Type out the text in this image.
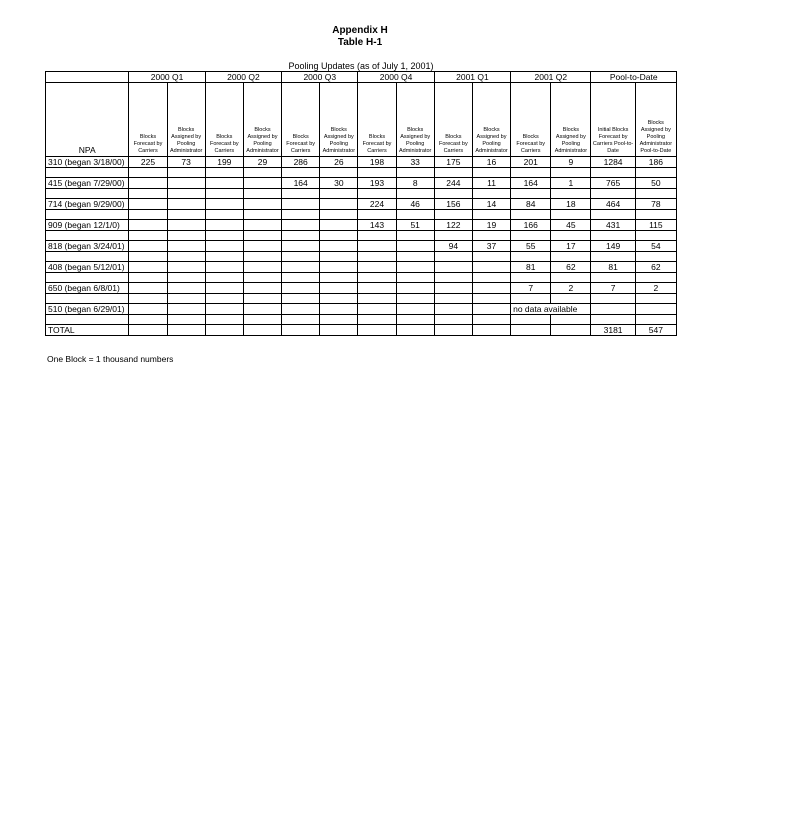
Appendix H
Table H-1
Pooling Updates (as of July 1, 2001)
	2000 Q1		2000 Q2		2000 Q3		2000 Q4		2001 Q1		2001 Q2		Pool-to-Date	
NPA	Blocks Forecast by Carriers	Blocks Assigned by Pooling Administrator	Blocks Forecast by Carriers	Blocks Assigned by Pooling Administrator	Blocks Forecast by Carriers	Blocks Assigned by Pooling Administrator	Blocks Forecast by Carriers	Blocks Assigned by Pooling Administrator	Blocks Forecast by Carriers	Blocks Assigned by Pooling Administrator	Blocks Forecast by Carriers	Blocks Assigned by Pooling Administrator	Initial Blocks Forecast by Carriers Pool-to-Date	Blocks Assigned by Pooling Administrator Pool-to-Date
310 (began 3/18/00)	225	73	199	29	286	26	198	33	175	16	201	9	1284	186

415 (began 7/29/00)					164	30	193	8	244	11	164	1	765	50

714 (began 9/29/00)							224	46	156	14	84	18	464	78

909 (began 12/1/0)							143	51	122	19	166	45	431	115

818 (began 3/24/01)									94	37	55	17	149	54

408 (began 5/12/01)											81	62	81	62

650 (began 6/8/01)											7	2	7	2

510 (began 6/29/01)											no data available			

TOTAL													3181	547
One Block = 1 thousand numbers
